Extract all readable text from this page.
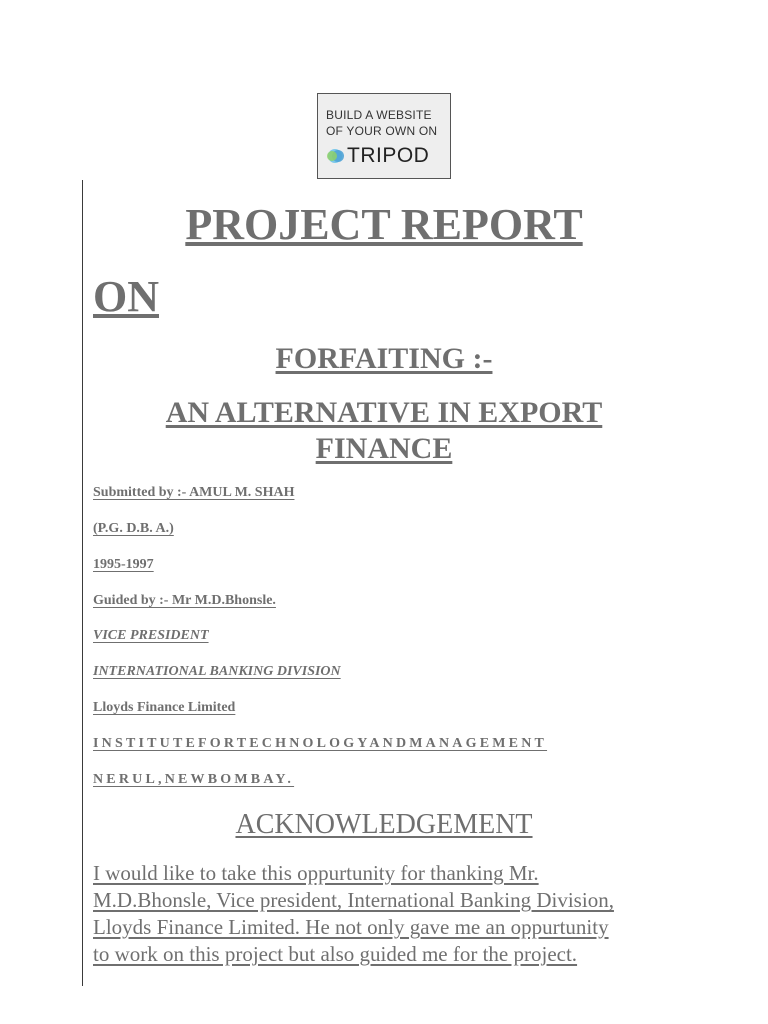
BUILD A WEBSITE
OF YOUR OWN ON
TRIPOD
PROJECT REPORT
ON
FORFAITING :-
AN ALTERNATIVE IN EXPORT
FINANCE
Submitted by :- AMUL M. SHAH
(P.G. D.B. A.)
1995-1997
Guided by :- Mr M.D.Bhonsle.
VICE PRESIDENT
INTERNATIONAL BANKING DIVISION
Lloyds Finance Limited
INSTITUTEFORTECHNOLOGYANDMANAGEMENT
NERUL,NEWBOMBAY.
ACKNOWLEDGEMENT
I would like to take this oppurtunity for thanking Mr.
M.D.Bhonsle, Vice president, International Banking Division,
Lloyds Finance Limited. He not only gave me an oppurtunity
to work on this project but also guided me for the project.
